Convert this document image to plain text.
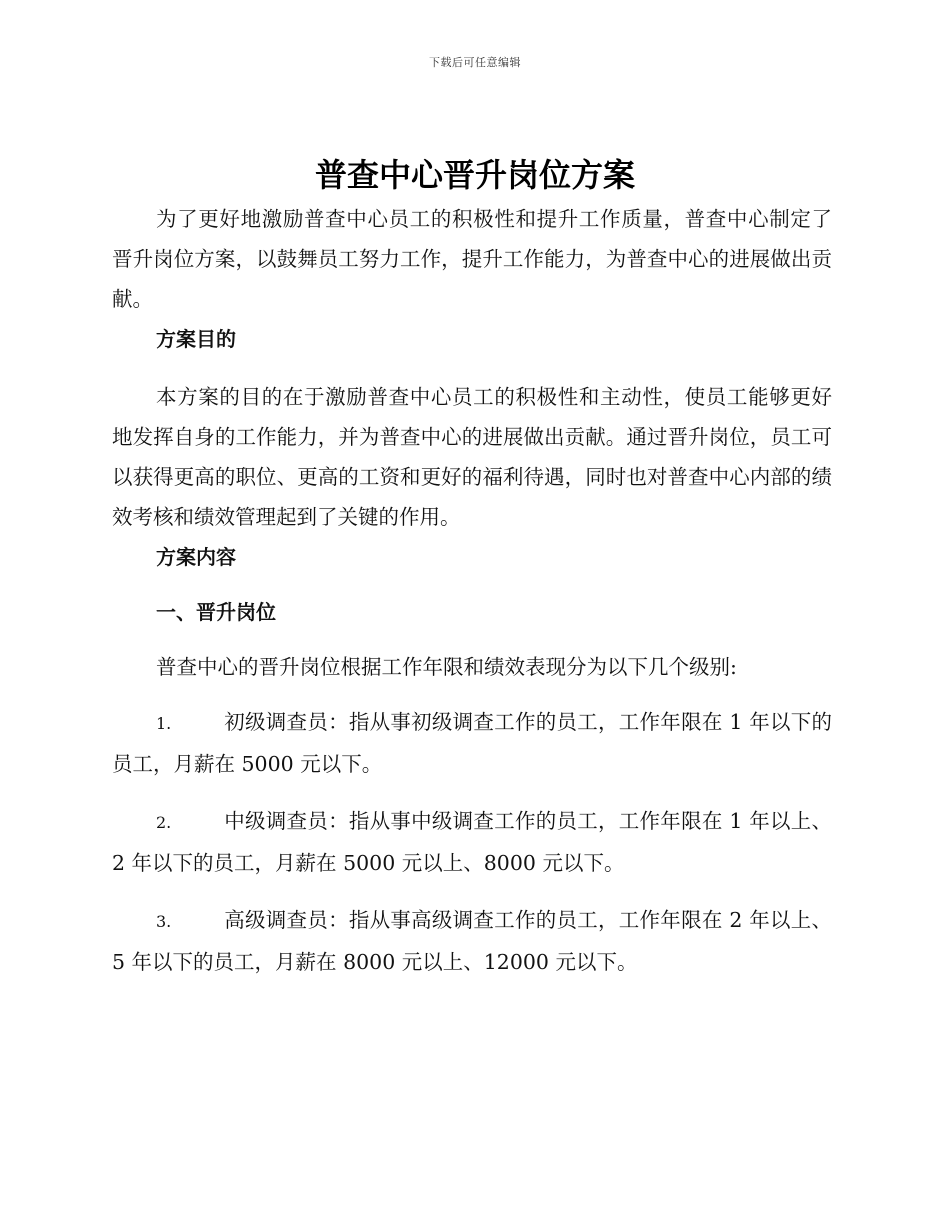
下载后可任意编辑
普查中心晋升岗位方案

为了更好地激励普查中心员工的积极性和提升工作质量，普查中心制定了晋升岗位方案，以鼓舞员工努力工作，提升工作能力，为普查中心的进展做出贡献。

方案目的

本方案的目的在于激励普查中心员工的积极性和主动性，使员工能够更好地发挥自身的工作能力，并为普查中心的进展做出贡献。通过晋升岗位，员工可以获得更高的职位、更高的工资和更好的福利待遇，同时也对普查中心内部的绩效考核和绩效管理起到了关键的作用。

方案内容

一、晋升岗位

普查中心的晋升岗位根据工作年限和绩效表现分为以下几个级别:

1.	初级调查员：指从事初级调查工作的员工，工作年限在 1 年以下的员工，月薪在 5000 元以下。

2.	中级调查员：指从事中级调查工作的员工，工作年限在 1 年以上、2 年以下的员工，月薪在 5000 元以上、8000 元以下。

3.	高级调查员：指从事高级调查工作的员工，工作年限在 2 年以上、5 年以下的员工，月薪在 8000 元以上、12000 元以下。
